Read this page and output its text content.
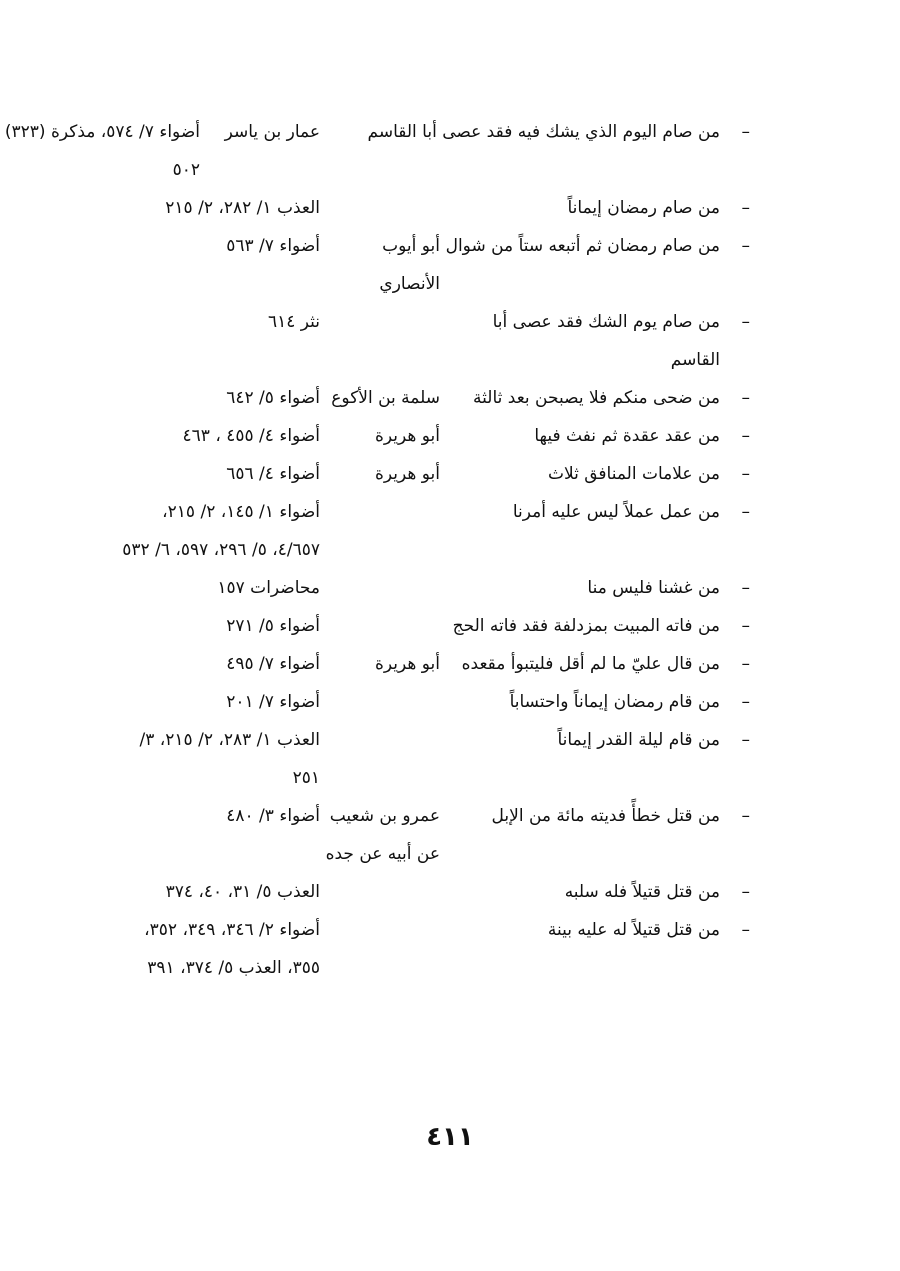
–
من صام اليوم الذي يشك فيه فقد عصى أبا القاسم
عمار بن ياسر
أضواء ٧/ ٥٧٤، مذكرة (٣٢٣) ٥٠٢
–
من صام رمضان إيماناً
العذب ١/ ٢٨٢، ٢/ ٢١٥
–
من صام رمضان ثم أتبعه ستاً من شوال
أبو أيوب الأنصاري
أضواء ٧/ ٥٦٣
–
من صام يوم الشك فقد عصى أبا القاسم
نثر ٦١٤
–
من ضحى منكم فلا يصبحن بعد ثالثة
سلمة بن الأكوع
أضواء ٥/ ٦٤٢
–
من عقد عقدة ثم نفث فيها
أبو هريرة
أضواء ٤/ ٤٥٥ ، ٤٦٣
–
من علامات المنافق ثلاث
أبو هريرة
أضواء ٤/ ٦٥٦
–
من عمل عملاً ليس عليه أمرنا
أضواء ١/ ١٤٥، ٢/ ٢١٥، ٤/٦٥٧، ٥/ ٢٩٦، ٥٩٧، ٦/ ٥٣٢
–
من غشنا فليس منا
محاضرات ١٥٧
–
من فاته المبيت بمزدلفة فقد فاته الحج
أضواء ٥/ ٢٧١
–
من قال عليّ ما لم أقل فليتبوأ مقعده
أبو هريرة
أضواء ٧/ ٤٩٥
–
من قام رمضان إيماناً واحتساباً
أضواء ٧/ ٢٠١
–
من قام ليلة القدر إيماناً
العذب ١/ ٢٨٣، ٢/ ٢١٥، ٣/ ٢٥١
–
من قتل خطأً فديته مائة من الإبل
عمرو بن شعيب عن أبيه عن جده
أضواء ٣/ ٤٨٠
–
من قتل قتيلاً فله سلبه
العذب ٥/ ٣١، ٤٠، ٣٧٤
–
من قتل قتيلاً له عليه بينة
أضواء ٢/ ٣٤٦، ٣٤٩، ٣٥٢، ٣٥٥، العذب ٥/ ٣٧٤، ٣٩١
٤١١
